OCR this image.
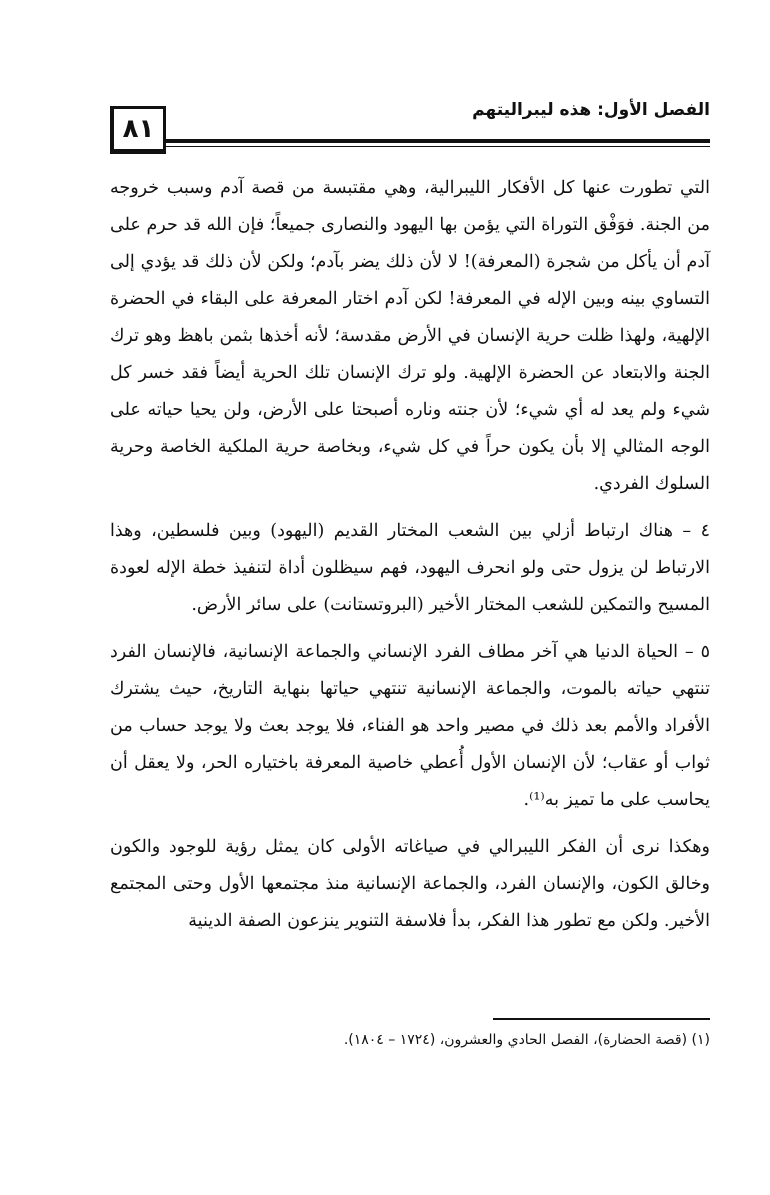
الفصل الأول: هذه ليبراليتهم
٨١

التي تطورت عنها كل الأفكار الليبرالية، وهي مقتبسة من قصة آدم وسبب خروجه من الجنة. فوَفْق التوراة التي يؤمن بها اليهود والنصارى جميعاً؛ فإن الله قد حرم على آدم أن يأكل من شجرة (المعرفة)! لا لأن ذلك يضر بآدم؛ ولكن لأن ذلك قد يؤدي إلى التساوي بينه وبين الإله في المعرفة! لكن آدم اختار المعرفة على البقاء في الحضرة الإلهية، ولهذا ظلت حرية الإنسان في الأرض مقدسة؛ لأنه أخذها بثمن باهظ وهو ترك الجنة والابتعاد عن الحضرة الإلهية. ولو ترك الإنسان تلك الحرية أيضاً فقد خسر كل شيء ولم يعد له أي شيء؛ لأن جنته وناره أصبحتا على الأرض، ولن يحيا حياته على الوجه المثالي إلا بأن يكون حراً في كل شيء، وبخاصة حرية الملكية الخاصة وحرية السلوك الفردي.

٤ – هناك ارتباط أزلي بين الشعب المختار القديم (اليهود) وبين فلسطين، وهذا الارتباط لن يزول حتى ولو انحرف اليهود، فهم سيظلون أداة لتنفيذ خطة الإله لعودة المسيح والتمكين للشعب المختار الأخير (البروتستانت) على سائر الأرض.

٥ – الحياة الدنيا هي آخر مطاف الفرد الإنساني والجماعة الإنسانية، فالإنسان الفرد تنتهي حياته بالموت، والجماعة الإنسانية تنتهي حياتها بنهاية التاريخ، حيث يشترك الأفراد والأمم بعد ذلك في مصير واحد هو الفناء، فلا يوجد بعث ولا يوجد حساب من ثواب أو عقاب؛ لأن الإنسان الأول أُعطي خاصية المعرفة باختياره الحر، ولا يعقل أن يحاسب على ما تميز به⁽¹⁾.

وهكذا نرى أن الفكر الليبرالي في صياغاته الأولى كان يمثل رؤية للوجود والكون وخالق الكون، والإنسان الفرد، والجماعة الإنسانية منذ مجتمعها الأول وحتى المجتمع الأخير. ولكن مع تطور هذا الفكر، بدأ فلاسفة التنوير ينزعون الصفة الدينية

(١) (قصة الحضارة)، الفصل الحادي والعشرون، (١٧٢٤ – ١٨٠٤).
